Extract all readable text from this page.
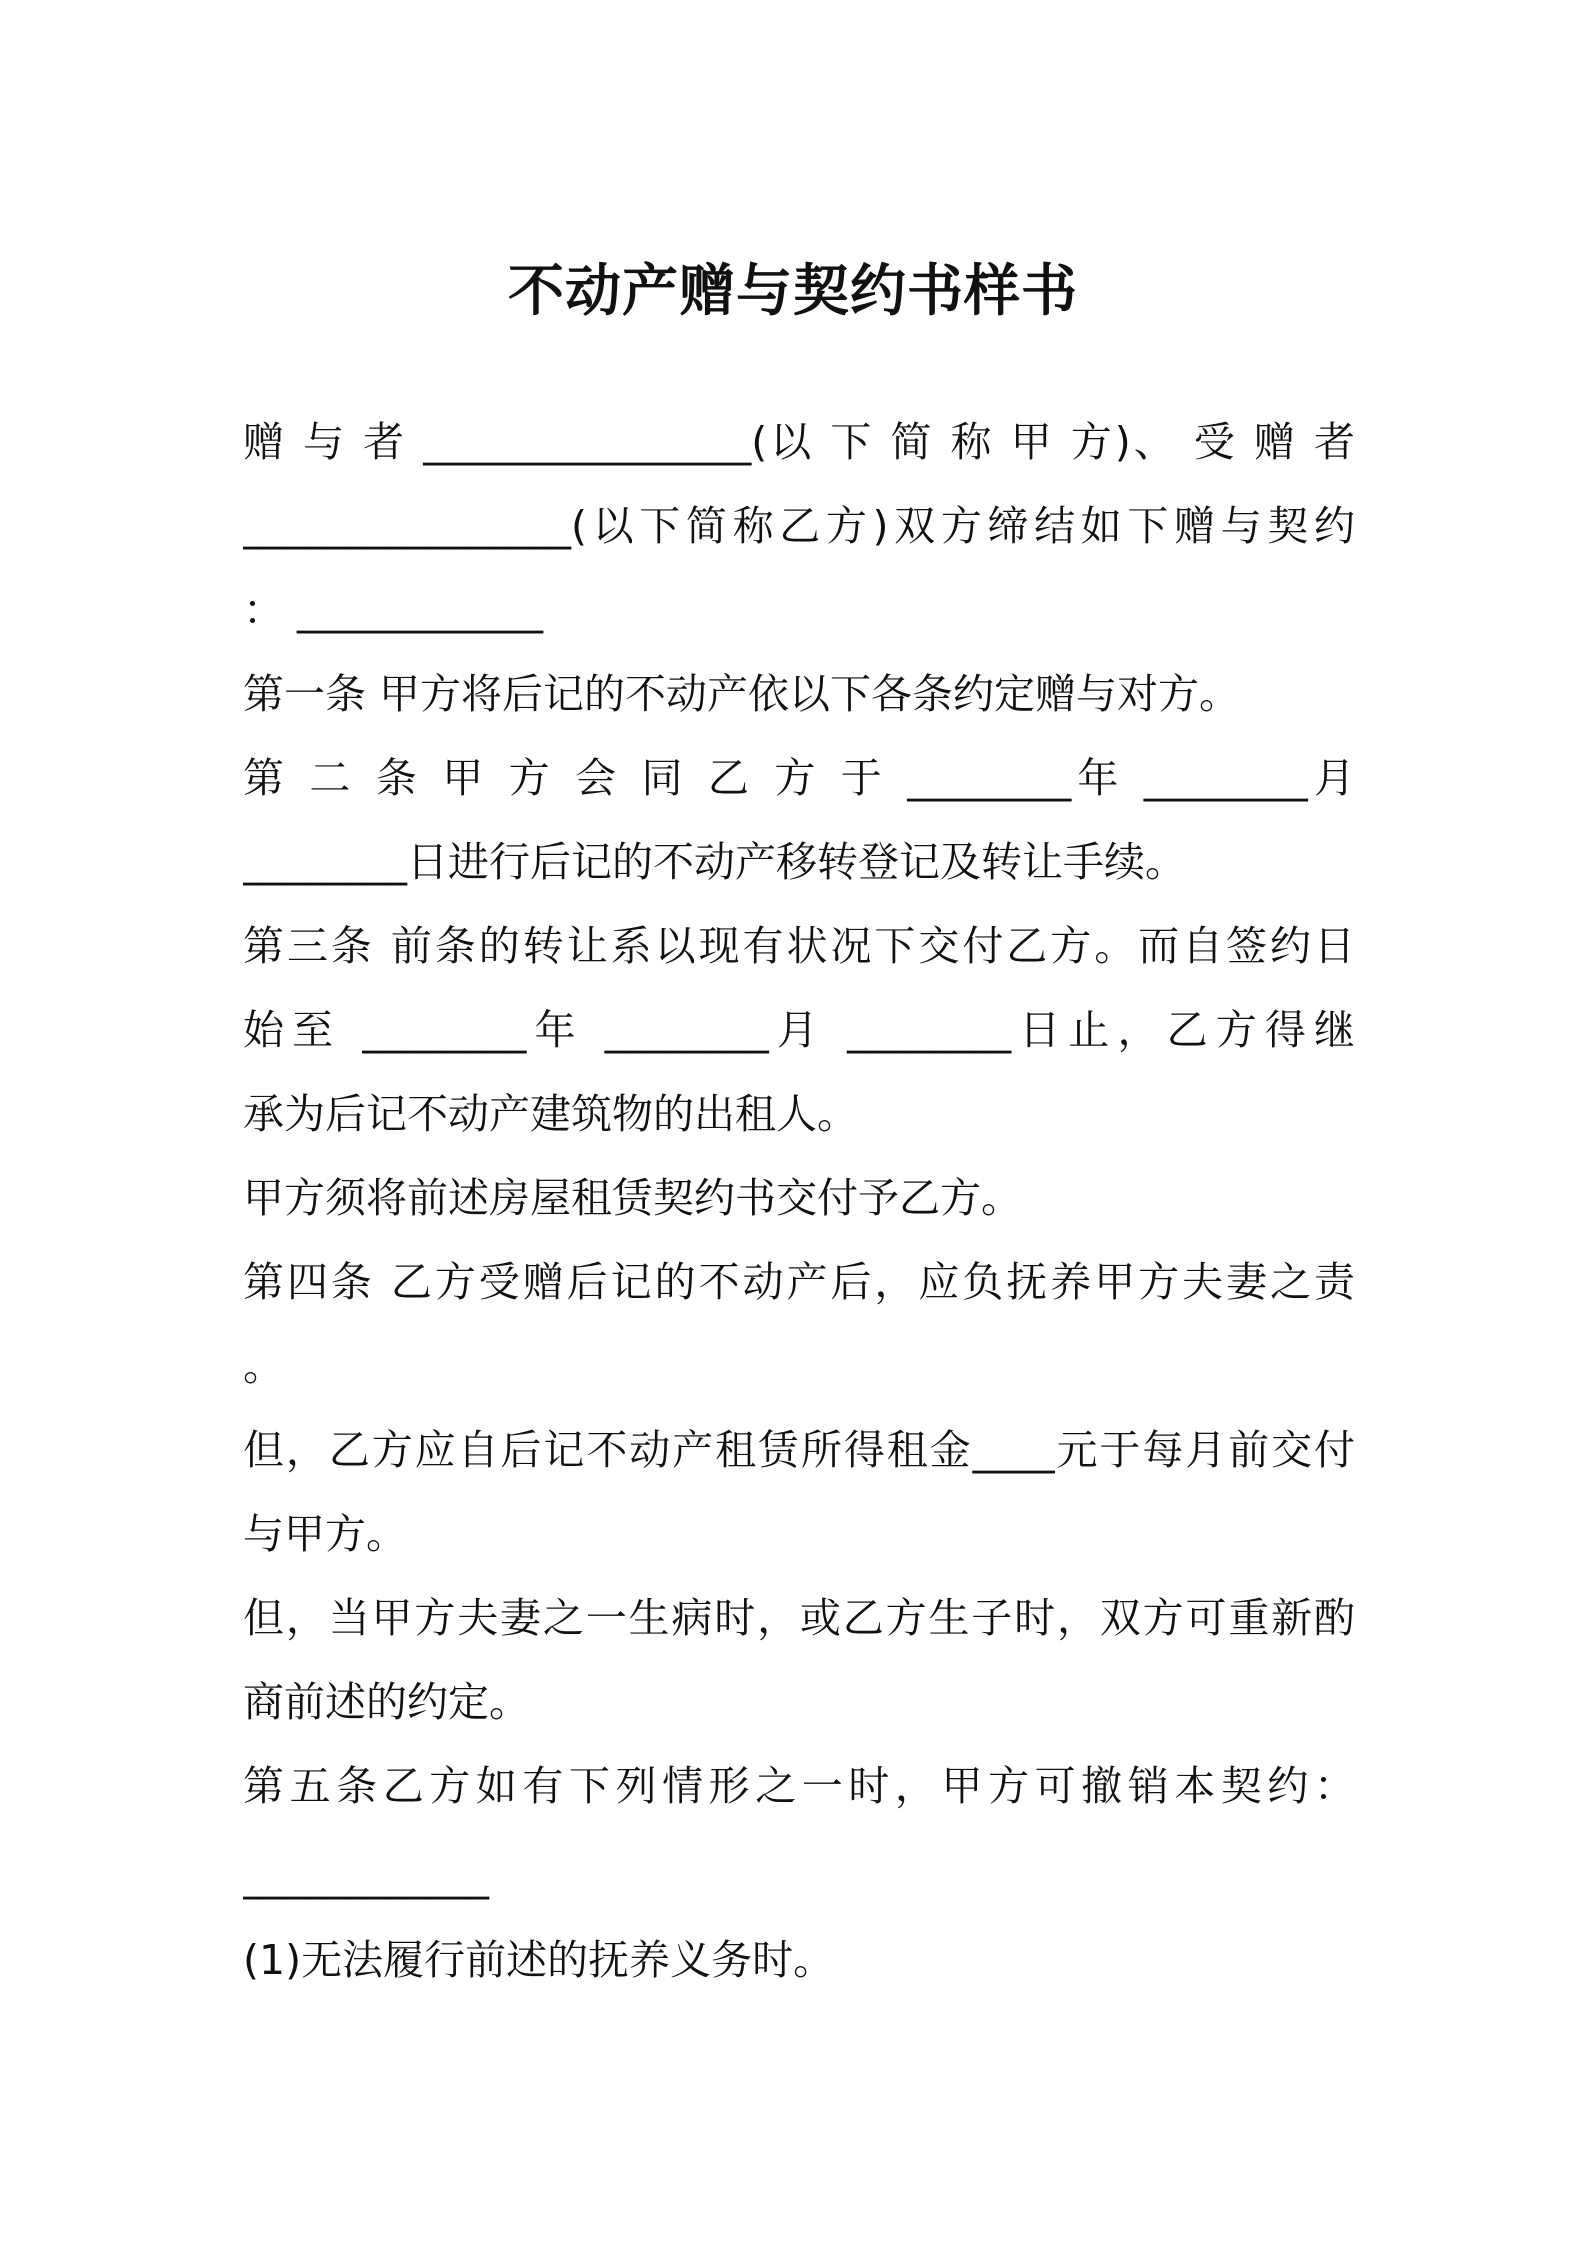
不动产赠与契约书样书
赠 与 者 ________________(以 下 简 称 甲 方)、 受 赠 者
________________(以下简称乙方)双方缔结如下赠与契约
： ____________
第一条 甲方将后记的不动产依以下各条约定赠与对方。
第 二 条 甲 方 会 同 乙 方 于 ________年 ________月
________日进行后记的不动产移转登记及转让手续。
第三条 前条的转让系以现有状况下交付乙方。而自签约日
始至 ________年 ________月 ________日止，乙方得继
承为后记不动产建筑物的出租人。
甲方须将前述房屋租赁契约书交付予乙方。
第四条 乙方受赠后记的不动产后，应负抚养甲方夫妻之责
。
但，乙方应自后记不动产租赁所得租金____元于每月前交付
与甲方。
但，当甲方夫妻之一生病时，或乙方生子时，双方可重新酌
商前述的约定。
第五条乙方如有下列情形之一时，甲方可撤销本契约：
____________
(1)无法履行前述的抚养义务时。
